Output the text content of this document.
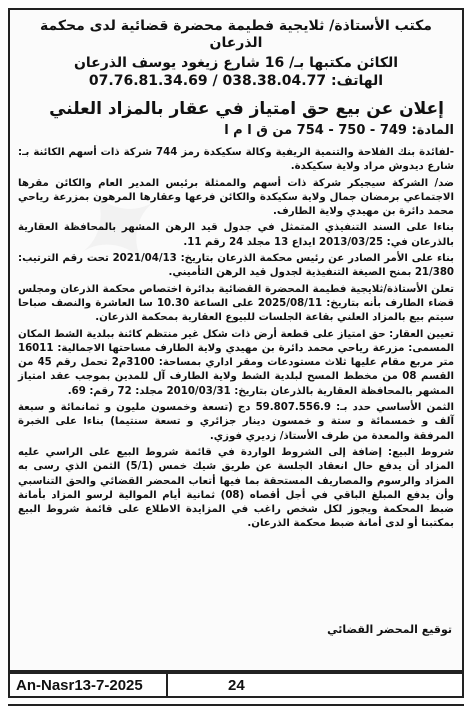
مكتب الأستاذة/ ثلايجية فطيمة محضرة قضائية لدى محكمة الذرعان
الكائن مكتبها بـ/ 16 شارع زيغود يوسف الذرعان
الهاتف: 038.38.04.77 / 07.76.81.34.69
إعلان عن بيع حق امتياز في عقار بالمزاد العلني
المادة: 749 - 750 - 754 من ق ا م ا

-لفائدة بنك الفلاحة والتنمية الريفية وكالة سكيكدة رمز 744 شركة ذات أسهم الكائنة بـ: شارع ديدوش مراد ولاية سكيكدة.

ضد/ الشركة سيجيكر شركة ذات أسهم والممثلة برئيس المدير العام والكائن مقرها الاجتماعي برمضان جمال ولاية سكيكدة والكائن فرعها وعقارها المرهون بمزرعة رياحي محمد دائرة بن مهيدي ولاية الطارف.

بناءا على السند التنفيذي المتمثل في جدول قيد الرهن المشهر بالمحافظة العقارية بالذرعان في: 2013/03/25 ايداع 13 مجلد 24 رقم 11.

بناء على الأمر الصادر عن رئيس محكمة الذرعان بتاريخ: 2021/04/13 تحت رقم الترتيب: 21/380 بمنح الصيغة التنفيذية لجدول قيد الرهن التأميني.

تعلن الأستاذة/ثلايجية فطيمة المحضرة القضائية بدائرة اختصاص محكمة الذرعان ومجلس قضاء الطارف بأنه بتاريخ: 2025/08/11 على الساعة 10.30 سا العاشرة والنصف صباحا سيتم بيع بالمزاد العلني بقاعة الجلسات للبيوع العقارية بمحكمة الذرعان.

تعيين العقار: حق امتياز على قطعة أرض ذات شكل غير منتظم كائنة ببلدية الشط المكان المسمى: مزرعة رياحي محمد دائرة بن مهيدي ولاية الطارف مساحتها الاجمالية: 16011 متر مربع مقام عليها ثلاث مستودعات ومقر اداري بمساحة: 3100م2 تحمل رقم 45 من القسم 08 من مخطط المسح لبلدية الشط ولاية الطارف آل للمدين بموجب عقد امتياز المشهر بالمحافظة العقارية بالذرعان بتاريخ: 2010/03/31 مجلد: 72 رقم: 69.

الثمن الأساسي حدد بـ: 59.807.556.9 دج (تسعة وخمسون مليون و ثمانمائة و سبعة آلف و خمسمائة و ستة و خمسون دينار جزائري و تسعة سنتيما) بناءا على الخبرة المرفقة والمعدة من طرف الأستاذ/ زديري فوزي.

شروط البيع: إضافة إلى الشروط الواردة في قائمة شروط البيع على الراسي عليه المزاد أن يدفع حال انعقاد الجلسة عن طريق شيك خمس (5/1) الثمن الذي رسى به المزاد والرسوم والمصاريف المستحقة بما فيها أتعاب المحضر القضائي والحق التناسبي وأن يدفع المبلغ الباقي في أجل أقصاه (08) ثمانية أيام الموالية لرسو المزاد بأمانة ضبط المحكمة ويجوز لكل شخص راغب في المزايدة الاطلاع على قائمة شروط البيع بمكتبنا أو لدى أمانة ضبط محكمة الذرعان.

توقيع المحضر القضائي
An-Nasr13-7-2025	24
